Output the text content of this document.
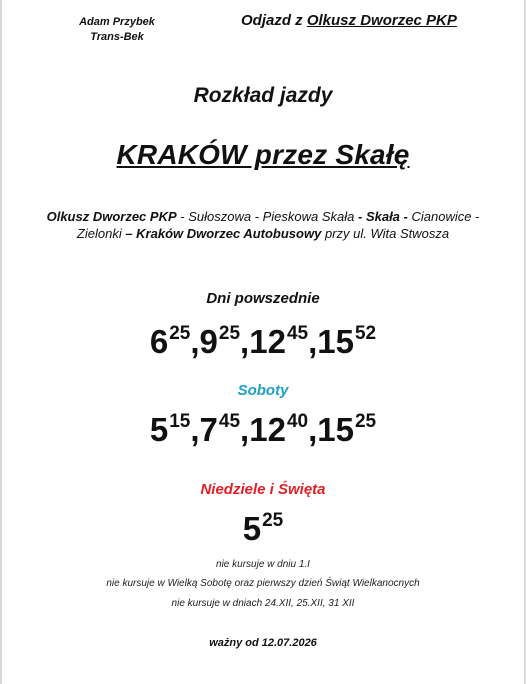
Adam Przybek
Trans-Bek
Odjazd z Olkusz Dworzec PKP
Rozkład jazdy
KRAKÓW przez Skałę
Olkusz Dworzec PKP - Sułoszowa - Pieskowa Skała - Skała - Cianowice - Zielonki – Kraków Dworzec Autobusowy przy ul. Wita Stwosza
Dni powszednie
$6^{25},9^{25},12^{45},15^{52}$
Soboty
$5^{15},7^{45},12^{40},15^{25}$
Niedziele i Święta
$5^{25}$
nie kursuje w dniu 1.I
nie kursuje w Wielką Sobotę oraz pierwszy dzień Świąt Wielkanocnych
nie kursuje w dniach 24.XII, 25.XII, 31 XII
ważny od 12.07.2026
